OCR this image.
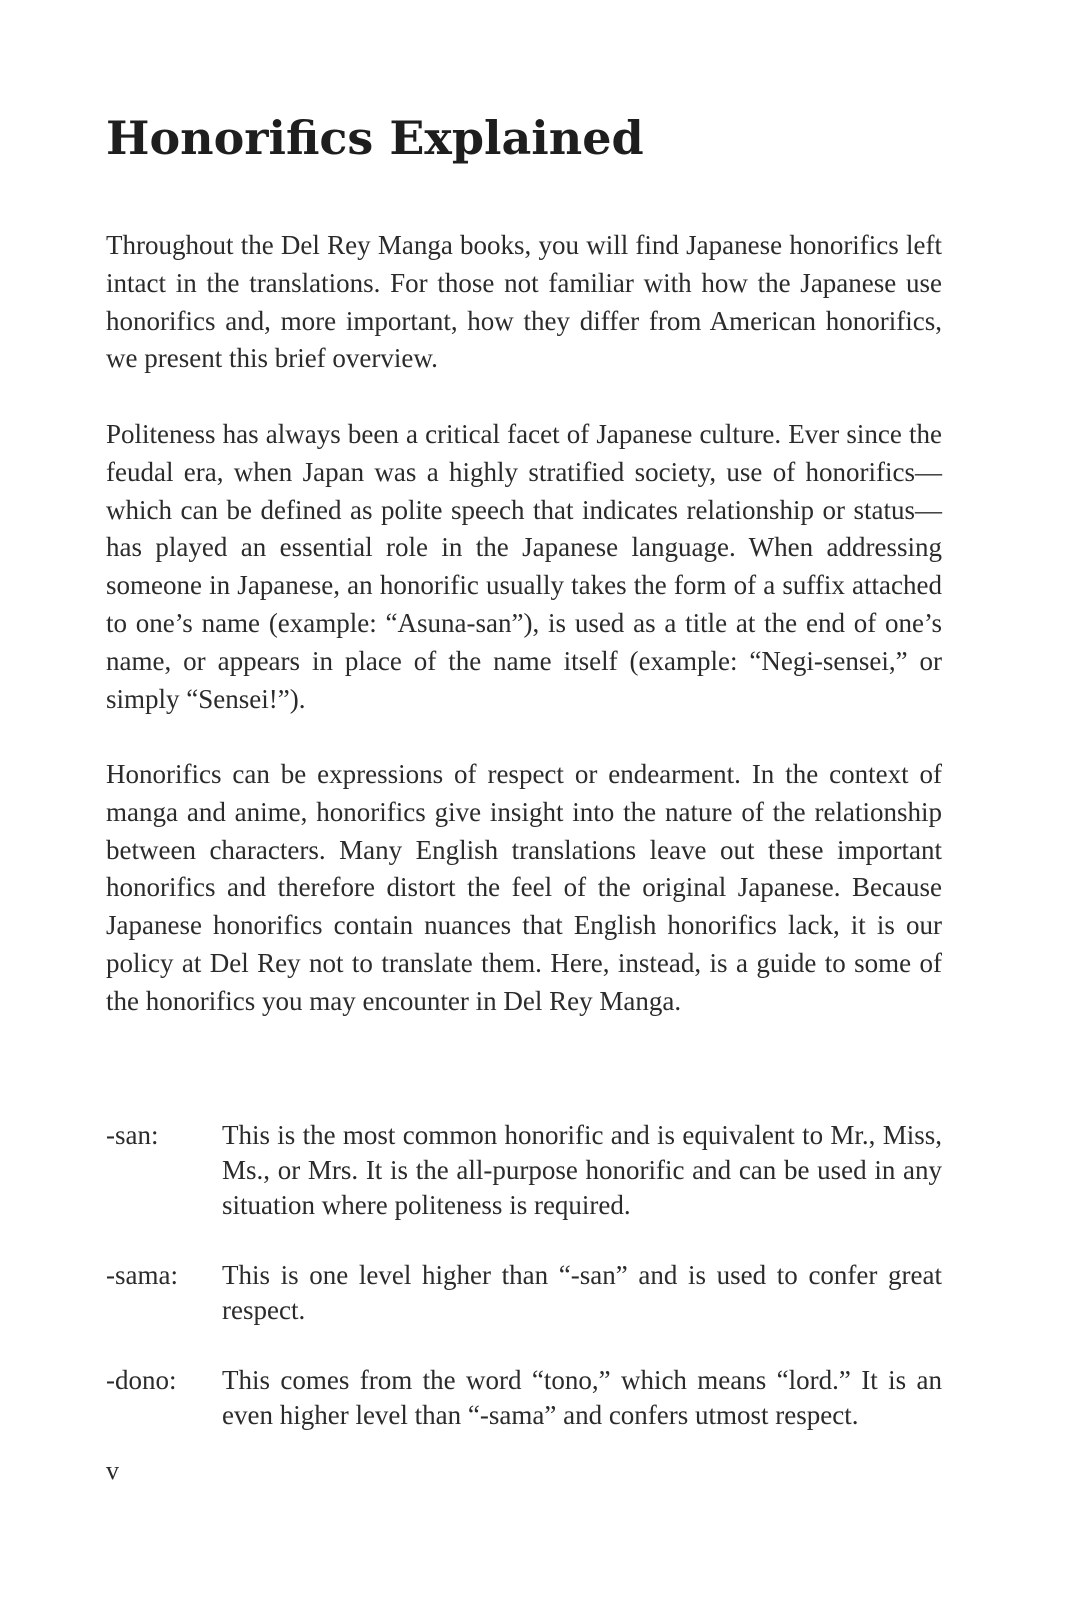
Honorifics Explained

Throughout the Del Rey Manga books, you will find Japanese honorifics left intact in the translations. For those not familiar with how the Japanese use honorifics and, more important, how they differ from American honorifics, we present this brief overview.

Politeness has always been a critical facet of Japanese culture. Ever since the feudal era, when Japan was a highly stratified society, use of honorifics—which can be defined as polite speech that indicates relationship or status—has played an essential role in the Japanese language. When addressing someone in Japanese, an honorific usually takes the form of a suffix attached to one’s name (example: “Asuna-san”), is used as a title at the end of one’s name, or appears in place of the name itself (example: “Negi-sensei,” or simply “Sensei!”).

Honorifics can be expressions of respect or endearment. In the context of manga and anime, honorifics give insight into the nature of the relationship between characters. Many English translations leave out these important honorifics and therefore distort the feel of the original Japanese. Because Japanese honorifics contain nuances that English honorifics lack, it is our policy at Del Rey not to translate them. Here, instead, is a guide to some of the honorifics you may encounter in Del Rey Manga.

-san:	This is the most common honorific and is equivalent to Mr., Miss, Ms., or Mrs. It is the all-purpose honorific and can be used in any situation where politeness is required.
-sama:	This is one level higher than “-san” and is used to confer great respect.
-dono:	This comes from the word “tono,” which means “lord.” It is an even higher level than “-sama” and confers utmost respect.
v
